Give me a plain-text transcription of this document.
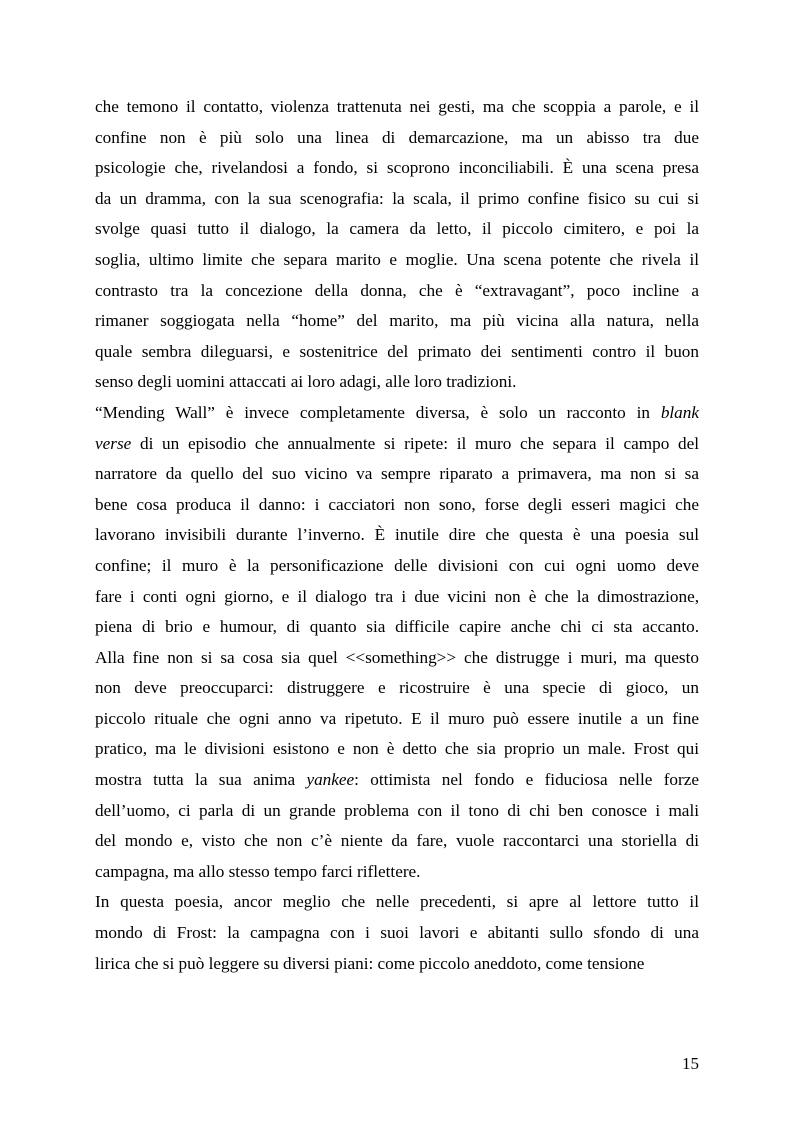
che temono il contatto, violenza trattenuta nei gesti, ma che scoppia a parole, e il
confine non è più solo una linea di demarcazione, ma un abisso tra due
psicologie che, rivelandosi a fondo, si scoprono inconciliabili. È una scena presa
da un dramma, con la sua scenografia: la scala, il primo confine fisico su cui si
svolge quasi tutto il dialogo, la camera da letto, il piccolo cimitero, e poi la
soglia, ultimo limite che separa marito e moglie. Una scena potente che rivela il
contrasto tra la concezione della donna, che è “extravagant”, poco incline a
rimaner soggiogata nella “home” del marito, ma più vicina alla natura, nella
quale sembra dileguarsi, e sostenitrice del primato dei sentimenti contro il buon
senso degli uomini attaccati ai loro adagi, alle loro tradizioni.
“Mending Wall” è invece completamente diversa, è solo un racconto in blank
verse di un episodio che annualmente si ripete: il muro che separa il campo del
narratore da quello del suo vicino va sempre riparato a primavera, ma non si sa
bene cosa produca il danno: i cacciatori non sono, forse degli esseri magici che
lavorano invisibili durante l’inverno. È inutile dire che questa è una poesia sul
confine; il muro è la personificazione delle divisioni con cui ogni uomo deve
fare i conti ogni giorno, e il dialogo tra i due vicini non è che la dimostrazione,
piena di brio e humour, di quanto sia difficile capire anche chi ci sta accanto.
Alla fine non si sa cosa sia quel <<something>> che distrugge i muri, ma questo
non deve preoccuparci: distruggere e ricostruire è una specie di gioco, un
piccolo rituale che ogni anno va ripetuto. E il muro può essere inutile a un fine
pratico, ma le divisioni esistono e non è detto che sia proprio un male. Frost qui
mostra tutta la sua anima yankee: ottimista nel fondo e fiduciosa nelle forze
dell’uomo, ci parla di un grande problema con il tono di chi ben conosce i mali
del mondo e, visto che non c’è niente da fare, vuole raccontarci una storiella di
campagna, ma allo stesso tempo farci riflettere.
In questa poesia, ancor meglio che nelle precedenti, si apre al lettore tutto il
mondo di Frost: la campagna con i suoi lavori e abitanti sullo sfondo di una
lirica che si può leggere su diversi piani: come piccolo aneddoto, come tensione
15
